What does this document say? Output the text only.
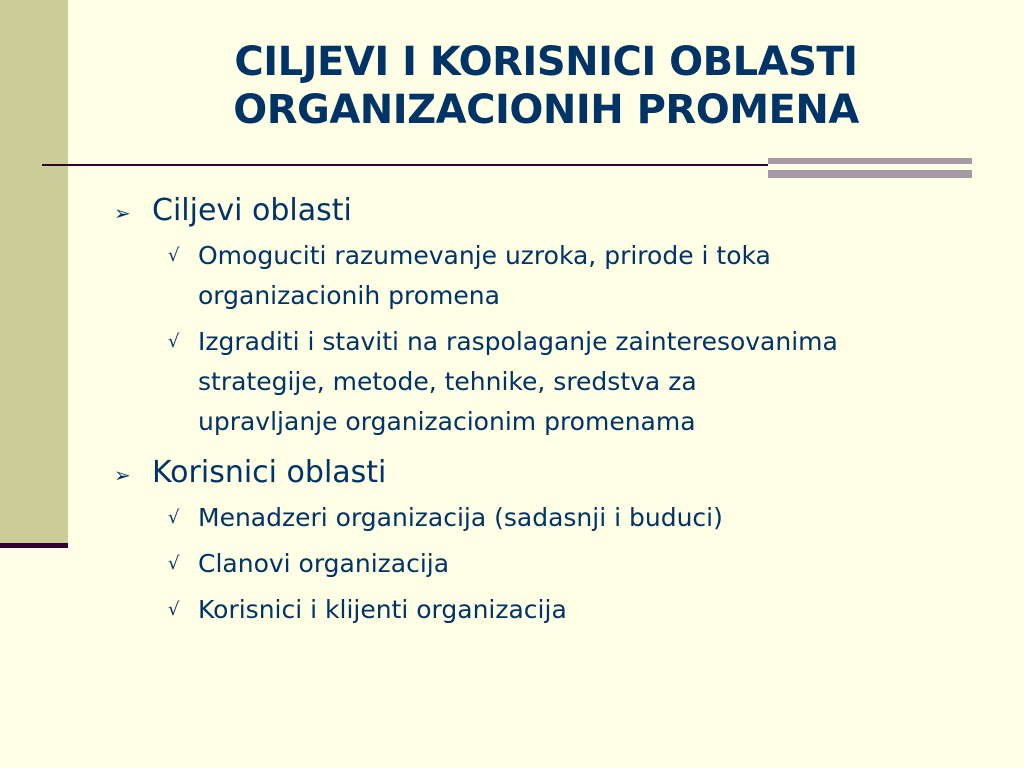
CILJEVI I KORISNICI OBLASTI
ORGANIZACIONIH PROMENA
➢ Ciljevi oblasti
√ Omoguciti razumevanje uzroka, prirode i toka
organizacionih promena
√ Izgraditi i staviti na raspolaganje zainteresovanima
strategije, metode, tehnike, sredstva za
upravljanje organizacionim promenama
➢ Korisnici oblasti
√ Menadzeri organizacija (sadasnji i buduci)
√ Clanovi organizacija
√ Korisnici i klijenti organizacija
